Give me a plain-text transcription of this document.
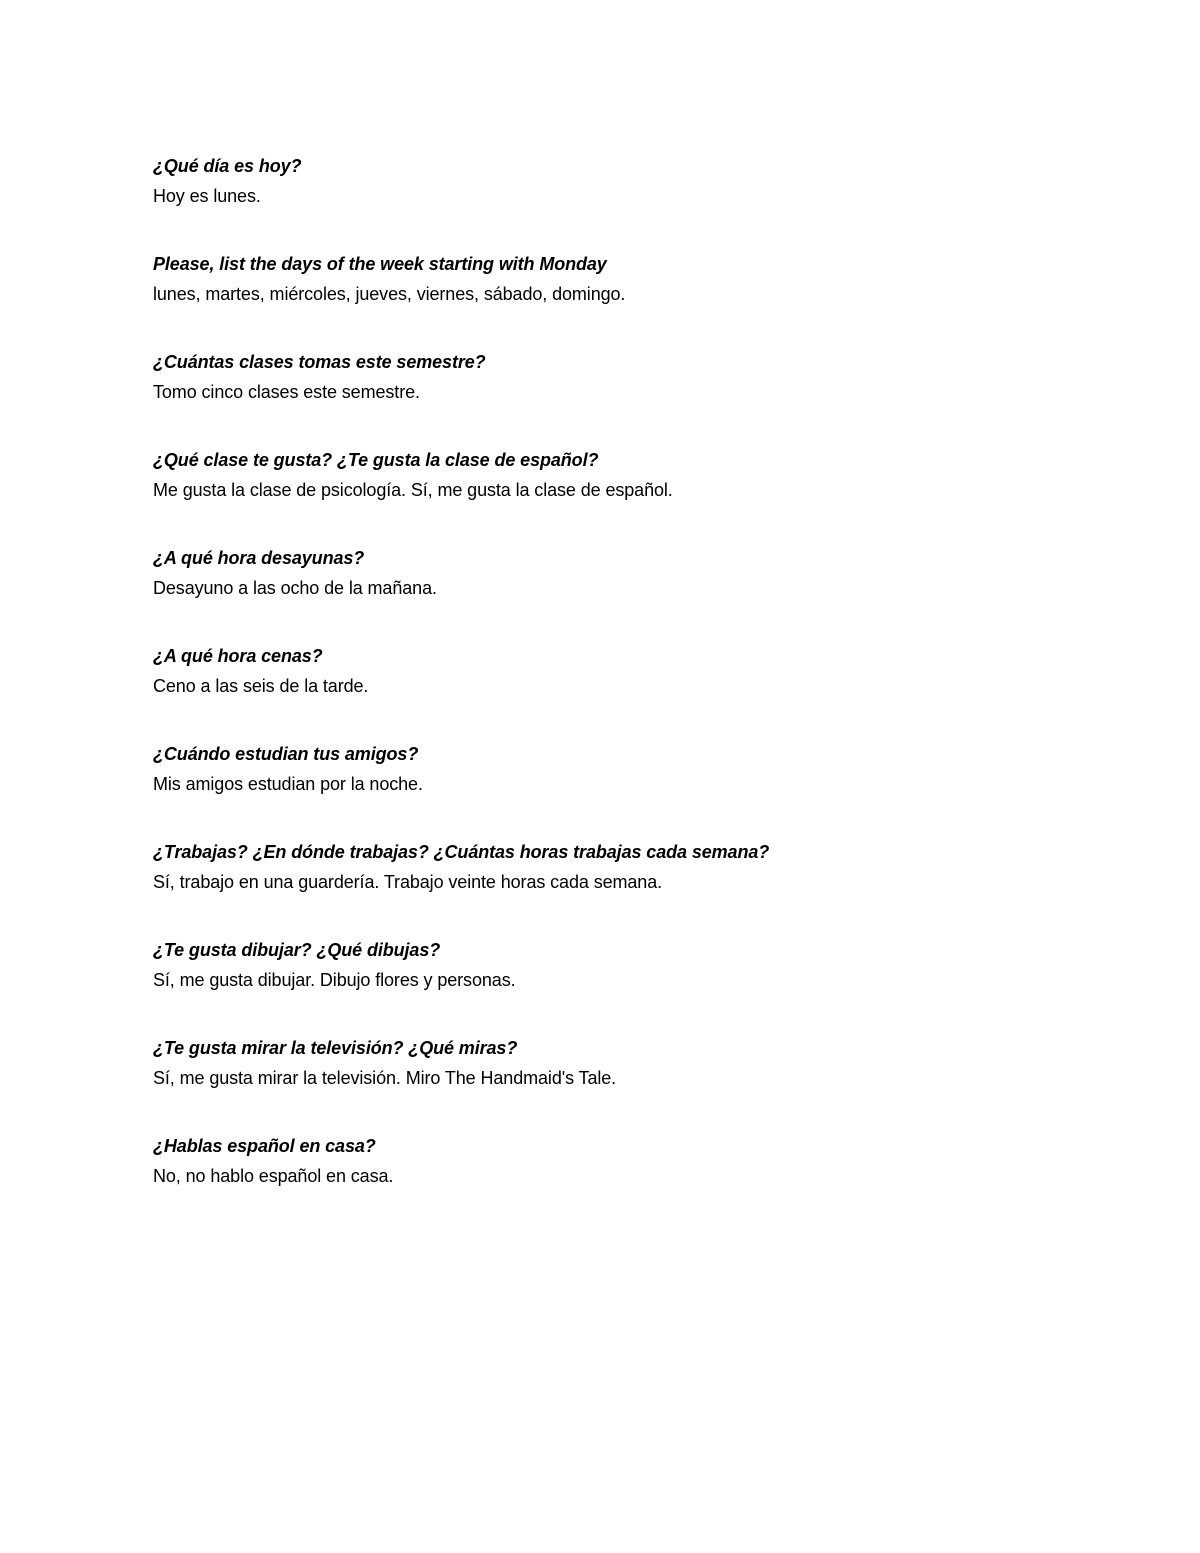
¿Qué día es hoy?
Hoy es lunes.
Please, list the days of the week starting with Monday
lunes, martes, miércoles, jueves, viernes, sábado, domingo.
¿Cuántas clases tomas este semestre?
Tomo cinco clases este semestre.
¿Qué clase te gusta? ¿Te gusta la clase de español?
Me gusta la clase de psicología. Sí, me gusta la clase de español.
¿A qué hora desayunas?
Desayuno a las ocho de la mañana.
¿A qué hora cenas?
Ceno a las seis de la tarde.
¿Cuándo estudian tus amigos?
Mis amigos estudian por la noche.
¿Trabajas? ¿En dónde trabajas? ¿Cuántas horas trabajas cada semana?
Sí, trabajo en una guardería. Trabajo veinte horas cada semana.
¿Te gusta dibujar? ¿Qué dibujas?
Sí, me gusta dibujar. Dibujo flores y personas.
¿Te gusta mirar la televisión? ¿Qué miras?
Sí, me gusta mirar la televisión. Miro The Handmaid's Tale.
¿Hablas español en casa?
No, no hablo español en casa.
